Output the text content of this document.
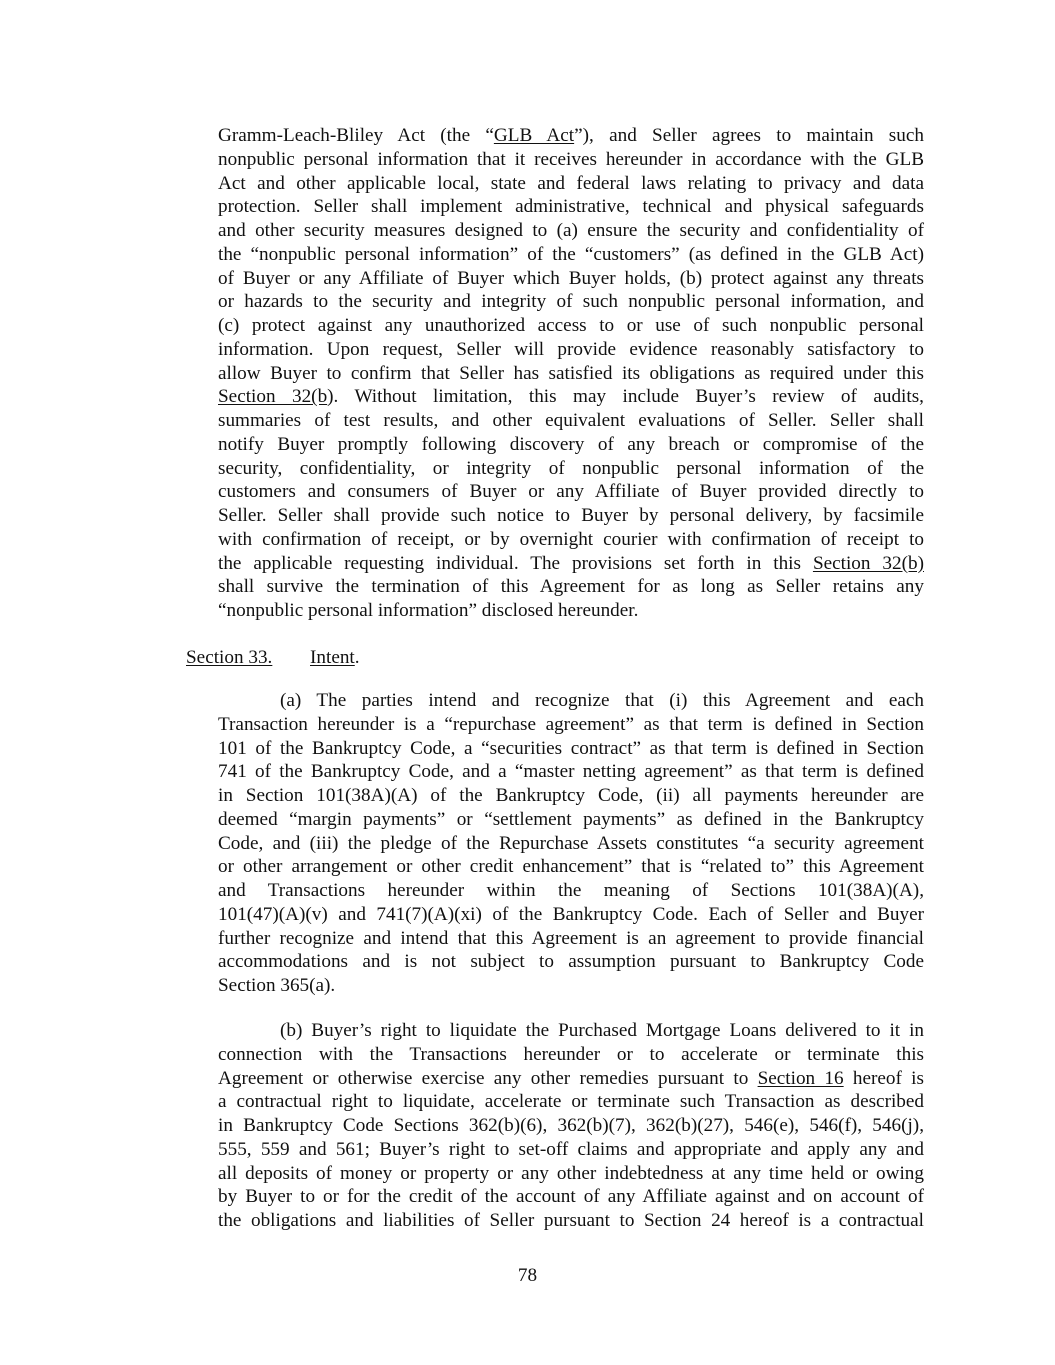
Gramm-Leach-Bliley Act (the “GLB Act”), and Seller agrees to maintain such
nonpublic personal information that it receives hereunder in accordance with the GLB
Act and other applicable local, state and federal laws relating to privacy and data
protection. Seller shall implement administrative, technical and physical safeguards
and other security measures designed to (a) ensure the security and confidentiality of
the “nonpublic personal information” of the “customers” (as defined in the GLB Act)
of Buyer or any Affiliate of Buyer which Buyer holds, (b) protect against any threats
or hazards to the security and integrity of such nonpublic personal information, and
(c) protect against any unauthorized access to or use of such nonpublic personal
information. Upon request, Seller will provide evidence reasonably satisfactory to
allow Buyer to confirm that Seller has satisfied its obligations as required under this
Section 32(b). Without limitation, this may include Buyer’s review of audits,
summaries of test results, and other equivalent evaluations of Seller. Seller shall
notify Buyer promptly following discovery of any breach or compromise of the
security, confidentiality, or integrity of nonpublic personal information of the
customers and consumers of Buyer or any Affiliate of Buyer provided directly to
Seller. Seller shall provide such notice to Buyer by personal delivery, by facsimile
with confirmation of receipt, or by overnight courier with confirmation of receipt to
the applicable requesting individual. The provisions set forth in this Section 32(b)
shall survive the termination of this Agreement for as long as Seller retains any
“nonpublic personal information” disclosed hereunder.
Section 33. Intent.
(a) The parties intend and recognize that (i) this Agreement and each
Transaction hereunder is a “repurchase agreement” as that term is defined in Section
101 of the Bankruptcy Code, a “securities contract” as that term is defined in Section
741 of the Bankruptcy Code, and a “master netting agreement” as that term is defined
in Section 101(38A)(A) of the Bankruptcy Code, (ii) all payments hereunder are
deemed “margin payments” or “settlement payments” as defined in the Bankruptcy
Code, and (iii) the pledge of the Repurchase Assets constitutes “a security agreement
or other arrangement or other credit enhancement” that is “related to” this Agreement
and Transactions hereunder within the meaning of Sections 101(38A)(A),
101(47)(A)(v) and 741(7)(A)(xi) of the Bankruptcy Code. Each of Seller and Buyer
further recognize and intend that this Agreement is an agreement to provide financial
accommodations and is not subject to assumption pursuant to Bankruptcy Code
Section 365(a).
(b) Buyer’s right to liquidate the Purchased Mortgage Loans delivered to it in
connection with the Transactions hereunder or to accelerate or terminate this
Agreement or otherwise exercise any other remedies pursuant to Section 16 hereof is
a contractual right to liquidate, accelerate or terminate such Transaction as described
in Bankruptcy Code Sections 362(b)(6), 362(b)(7), 362(b)(27), 546(e), 546(f), 546(j),
555, 559 and 561; Buyer’s right to set-off claims and appropriate and apply any and
all deposits of money or property or any other indebtedness at any time held or owing
by Buyer to or for the credit of the account of any Affiliate against and on account of
the obligations and liabilities of Seller pursuant to Section 24 hereof is a contractual
78
